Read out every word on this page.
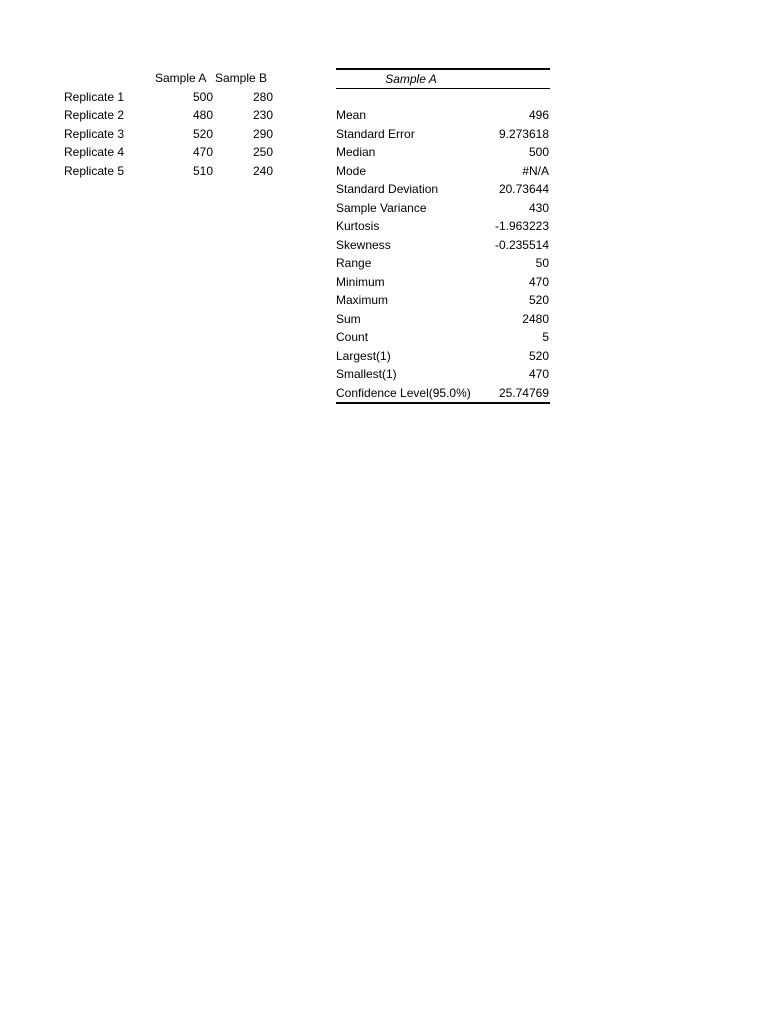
Sample A Sample B
Replicate 1	500	280
Replicate 2	480	230
Replicate 3	520	290
Replicate 4	470	250
Replicate 5	510	240
Sample A
Mean	496
Standard Error	9.273618
Median	500
Mode	#N/A
Standard Deviation	20.73644
Sample Variance	430
Kurtosis	-1.963223
Skewness	-0.235514
Range	50
Minimum	470
Maximum	520
Sum	2480
Count	5
Largest(1)	520
Smallest(1)	470
Confidence Level(95.0%) 25.74769
